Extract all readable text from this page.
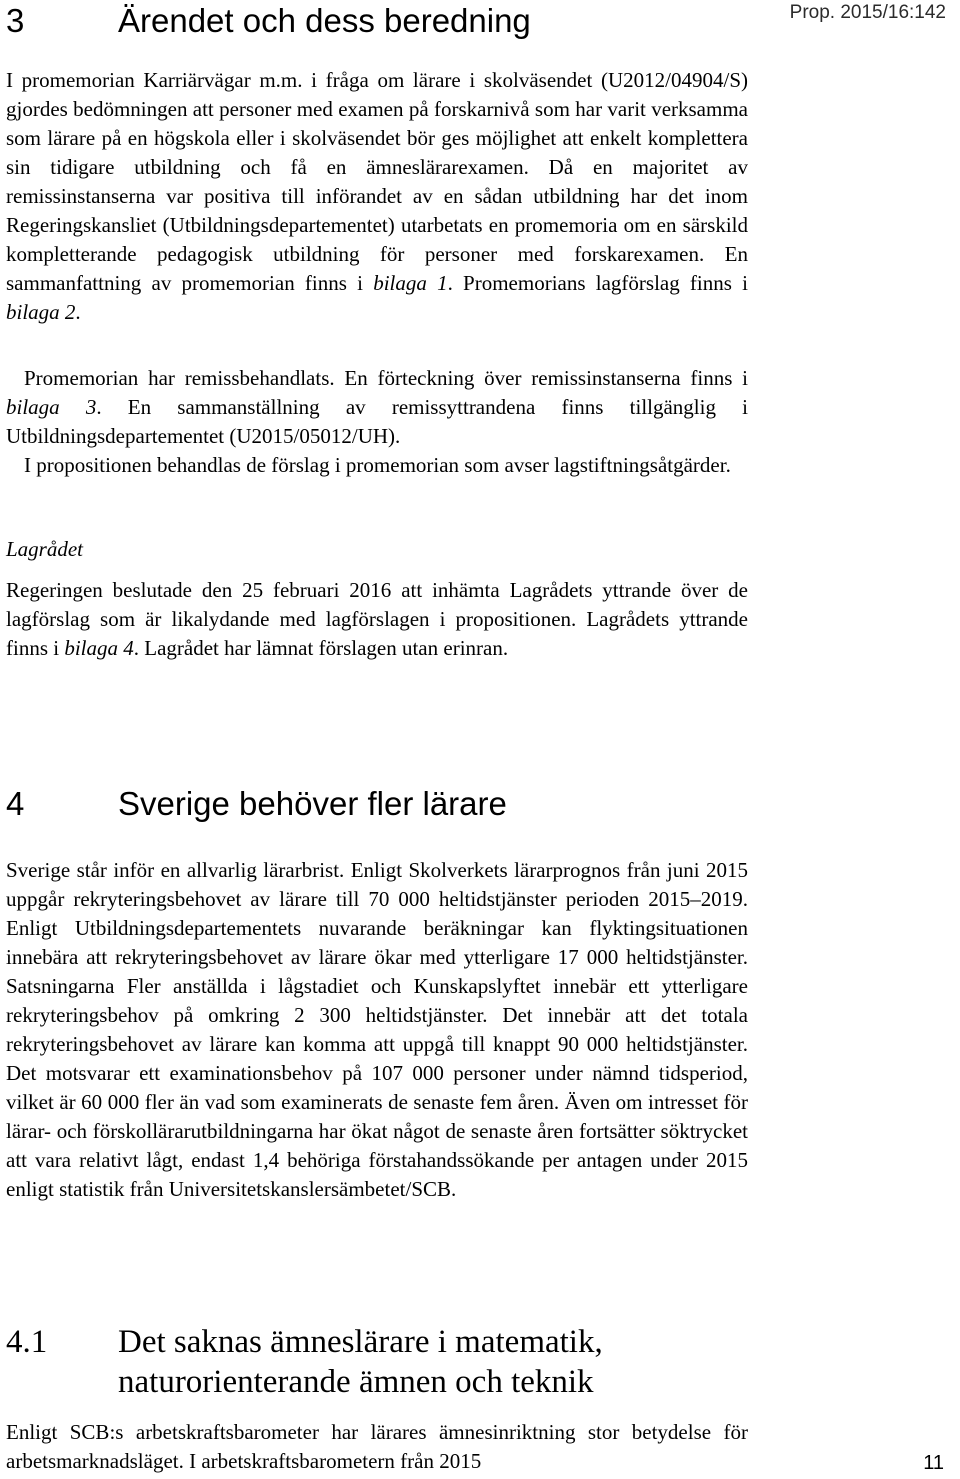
Prop. 2015/16:142
3	Ärendet och dess beredning

I promemorian Karriärvägar m.m. i fråga om lärare i skolväsendet (U2012/04904/S) gjordes bedömningen att personer med examen på forskarnivå som har varit verksamma som lärare på en högskola eller i skolväsendet bör ges möjlighet att enkelt komplettera sin tidigare utbildning och få en ämneslärarexamen. Då en majoritet av remissinstanserna var positiva till införandet av en sådan utbildning har det inom Regeringskansliet (Utbildningsdepartementet) utarbetats en promemoria om en särskild kompletterande pedagogisk utbildning för personer med forskarexamen. En sammanfattning av promemorian finns i bilaga 1. Promemorians lagförslag finns i bilaga 2.

Promemorian har remissbehandlats. En förteckning över remissinstanserna finns i bilaga 3. En sammanställning av remissyttrandena finns tillgänglig i Utbildningsdepartementet (U2015/05012/UH).

I propositionen behandlas de förslag i promemorian som avser lagstiftningsåtgärder.

Lagrådet

Regeringen beslutade den 25 februari 2016 att inhämta Lagrådets yttrande över de lagförslag som är likalydande med lagförslagen i propositionen. Lagrådets yttrande finns i bilaga 4. Lagrådet har lämnat förslagen utan erinran.

4	Sverige behöver fler lärare

Sverige står inför en allvarlig lärarbrist. Enligt Skolverkets lärarprognos från juni 2015 uppgår rekryteringsbehovet av lärare till 70 000 heltidstjänster perioden 2015–2019. Enligt Utbildningsdepartementets nuvarande beräkningar kan flyktingsituationen innebära att rekryteringsbehovet av lärare ökar med ytterligare 17 000 heltidstjänster. Satsningarna Fler anställda i lågstadiet och Kunskapslyftet innebär ett ytterligare rekryteringsbehov på omkring 2 300 heltidstjänster. Det innebär att det totala rekryteringsbehovet av lärare kan komma att uppgå till knappt 90 000 heltidstjänster. Det motsvarar ett examinationsbehov på 107 000 personer under nämnd tidsperiod, vilket är 60 000 fler än vad som examinerats de senaste fem åren. Även om intresset för lärar- och förskollärarutbildningarna har ökat något de senaste åren fortsätter söktrycket att vara relativt lågt, endast 1,4 behöriga förstahandssökande per antagen under 2015 enligt statistik från Universitetskanslersämbetet/SCB.

4.1 Det saknas ämneslärare i matematik,
naturorienterande ämnen och teknik

Enligt SCB:s arbetskraftsbarometer har lärares ämnesinriktning stor betydelse för arbetsmarknadsläget. I arbetskraftsbarometern från 2015	11
